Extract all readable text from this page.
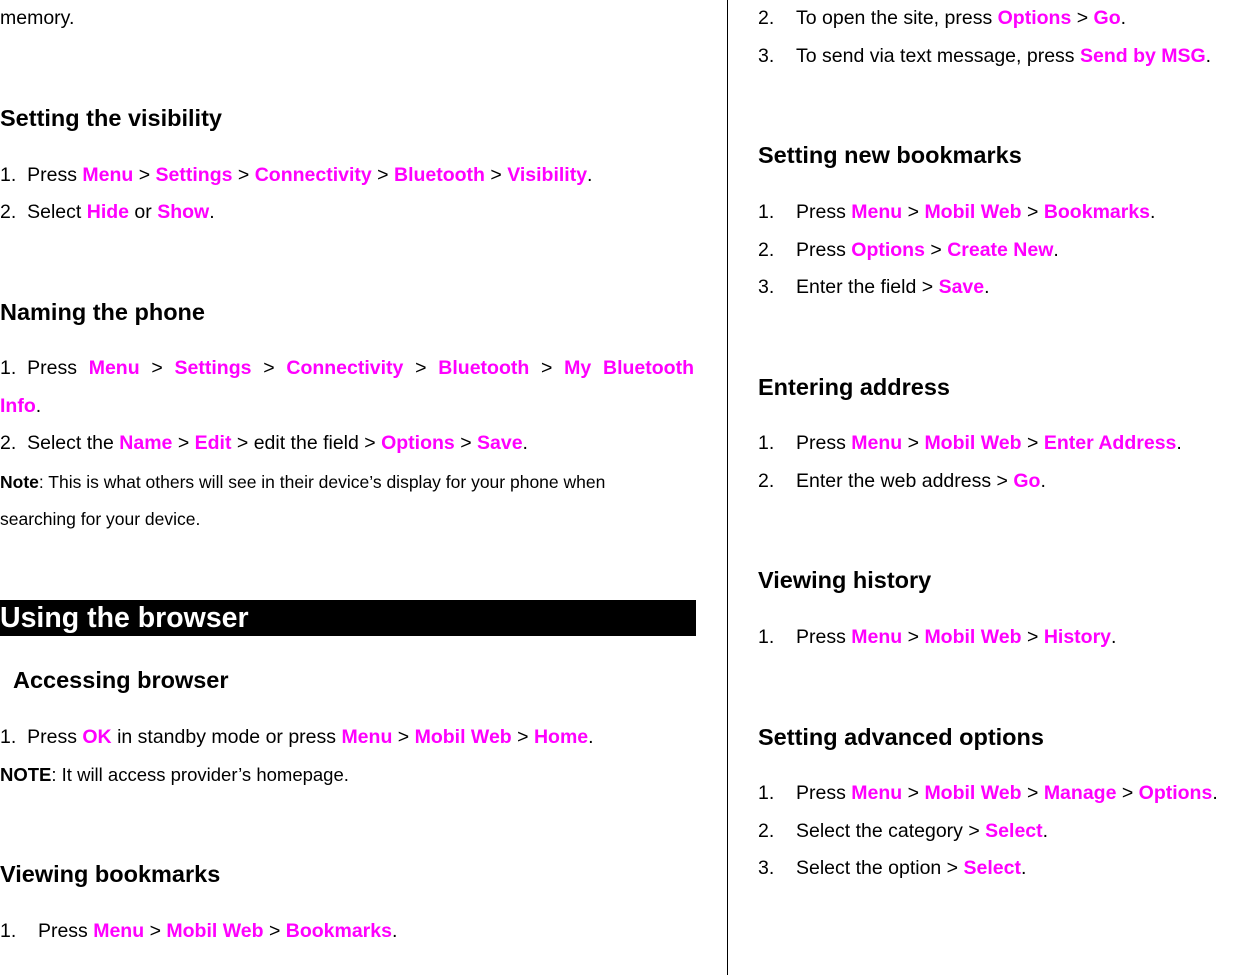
memory.
Setting the visibility
1. Press Menu > Settings > Connectivity > Bluetooth > Visibility.
2. Select Hide or Show.
Naming the phone
1. Press Menu > Settings > Connectivity > Bluetooth > My Bluetooth
Info.
2. Select the Name > Edit > edit the field > Options > Save.
Note: This is what others will see in their device’s display for your phone when
searching for your device.
Using the browser
Accessing browser
1. Press OK in standby mode or press Menu > Mobil Web > Home.
NOTE: It will access provider’s homepage.
Viewing bookmarks
1. Press Menu > Mobil Web > Bookmarks.
2. To open the site, press Options > Go.
3. To send via text message, press Send by MSG.
Setting new bookmarks
1. Press Menu > Mobil Web > Bookmarks.
2. Press Options > Create New.
3. Enter the field > Save.
Entering address
1. Press Menu > Mobil Web > Enter Address.
2. Enter the web address > Go.
Viewing history
1. Press Menu > Mobil Web > History.
Setting advanced options
1. Press Menu > Mobil Web > Manage > Options.
2. Select the category > Select.
3. Select the option > Select.
